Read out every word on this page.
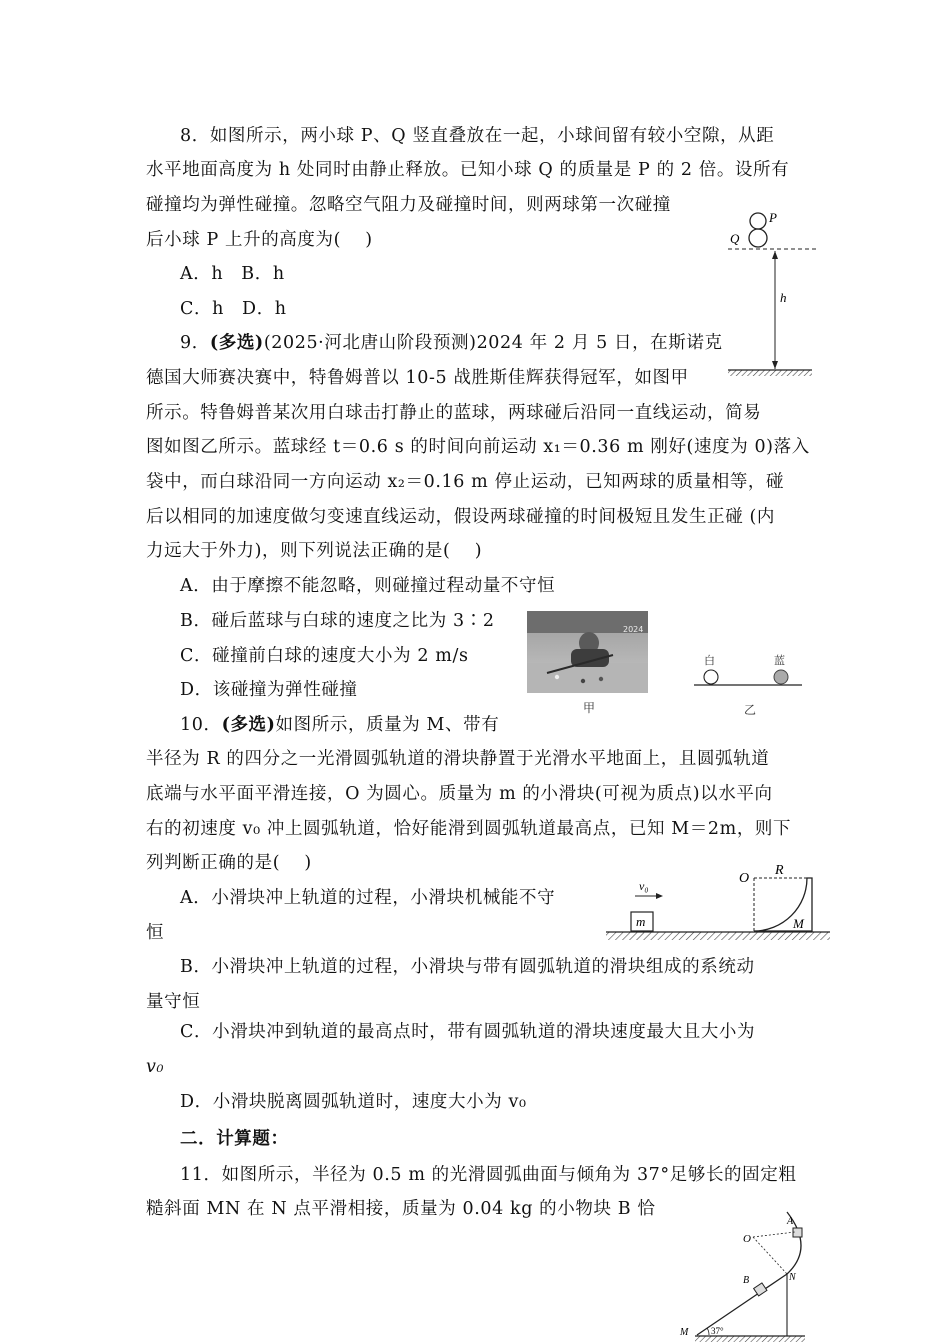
8．如图所示，两小球 P、Q 竖直叠放在一起，小球间留有较小空隙，从距
水平地面高度为 h 处同时由静止释放。已知小球 Q 的质量是 P 的 2 倍。设所有
碰撞均为弹性碰撞。忽略空气阻力及碰撞时间，则两球第一次碰撞
后小球 P 上升的高度为(　 )
A．h　B．h
C．h　D．h
P
Q
h
9．(多选)(2025·河北唐山阶段预测)2024 年 2 月 5 日，在斯诺克
德国大师赛决赛中，特鲁姆普以 10-5 战胜斯佳辉获得冠军，如图甲
所示。特鲁姆普某次用白球击打静止的蓝球，两球碰后沿同一直线运动，简易
图如图乙所示。蓝球经 t＝0.6 s 的时间向前运动 x₁＝0.36 m 刚好(速度为 0)落入
袋中，而白球沿同一方向运动 x₂＝0.16 m 停止运动，已知两球的质量相等，碰
后以相同的加速度做匀变速直线运动，假设两球碰撞的时间极短且发生正碰 (内
力远大于外力)，则下列说法正确的是(　 )
A．由于摩擦不能忽略，则碰撞过程动量不守恒
B．碰后蓝球与白球的速度之比为 3∶2
C．碰撞前白球的速度大小为 2 m/s
D．该碰撞为弹性碰撞
2024
甲
白	蓝
乙
10．(多选)如图所示，质量为 M、带有
半径为 R 的四分之一光滑圆弧轨道的滑块静置于光滑水平地面上，且圆弧轨道
底端与水平面平滑连接，O 为圆心。质量为 m 的小滑块(可视为质点)以水平向
右的初速度 v₀ 冲上圆弧轨道，恰好能滑到圆弧轨道最高点，已知 M＝2m，则下
列判断正确的是(　 )
A．小滑块冲上轨道的过程，小滑块机械能不守
恒
B．小滑块冲上轨道的过程，小滑块与带有圆弧轨道的滑块组成的系统动
量守恒
C．小滑块冲到轨道的最高点时，带有圆弧轨道的滑块速度最大且大小为
v₀
D．小滑块脱离圆弧轨道时，速度大小为 v₀
v₀
m
O
R
M
二．计算题：
11．如图所示，半径为 0.5 m 的光滑圆弧曲面与倾角为 37°足够长的固定粗
糙斜面 MN 在 N 点平滑相接，质量为 0.04 kg 的小物块 B 恰
A
O
B	N
M	37°
